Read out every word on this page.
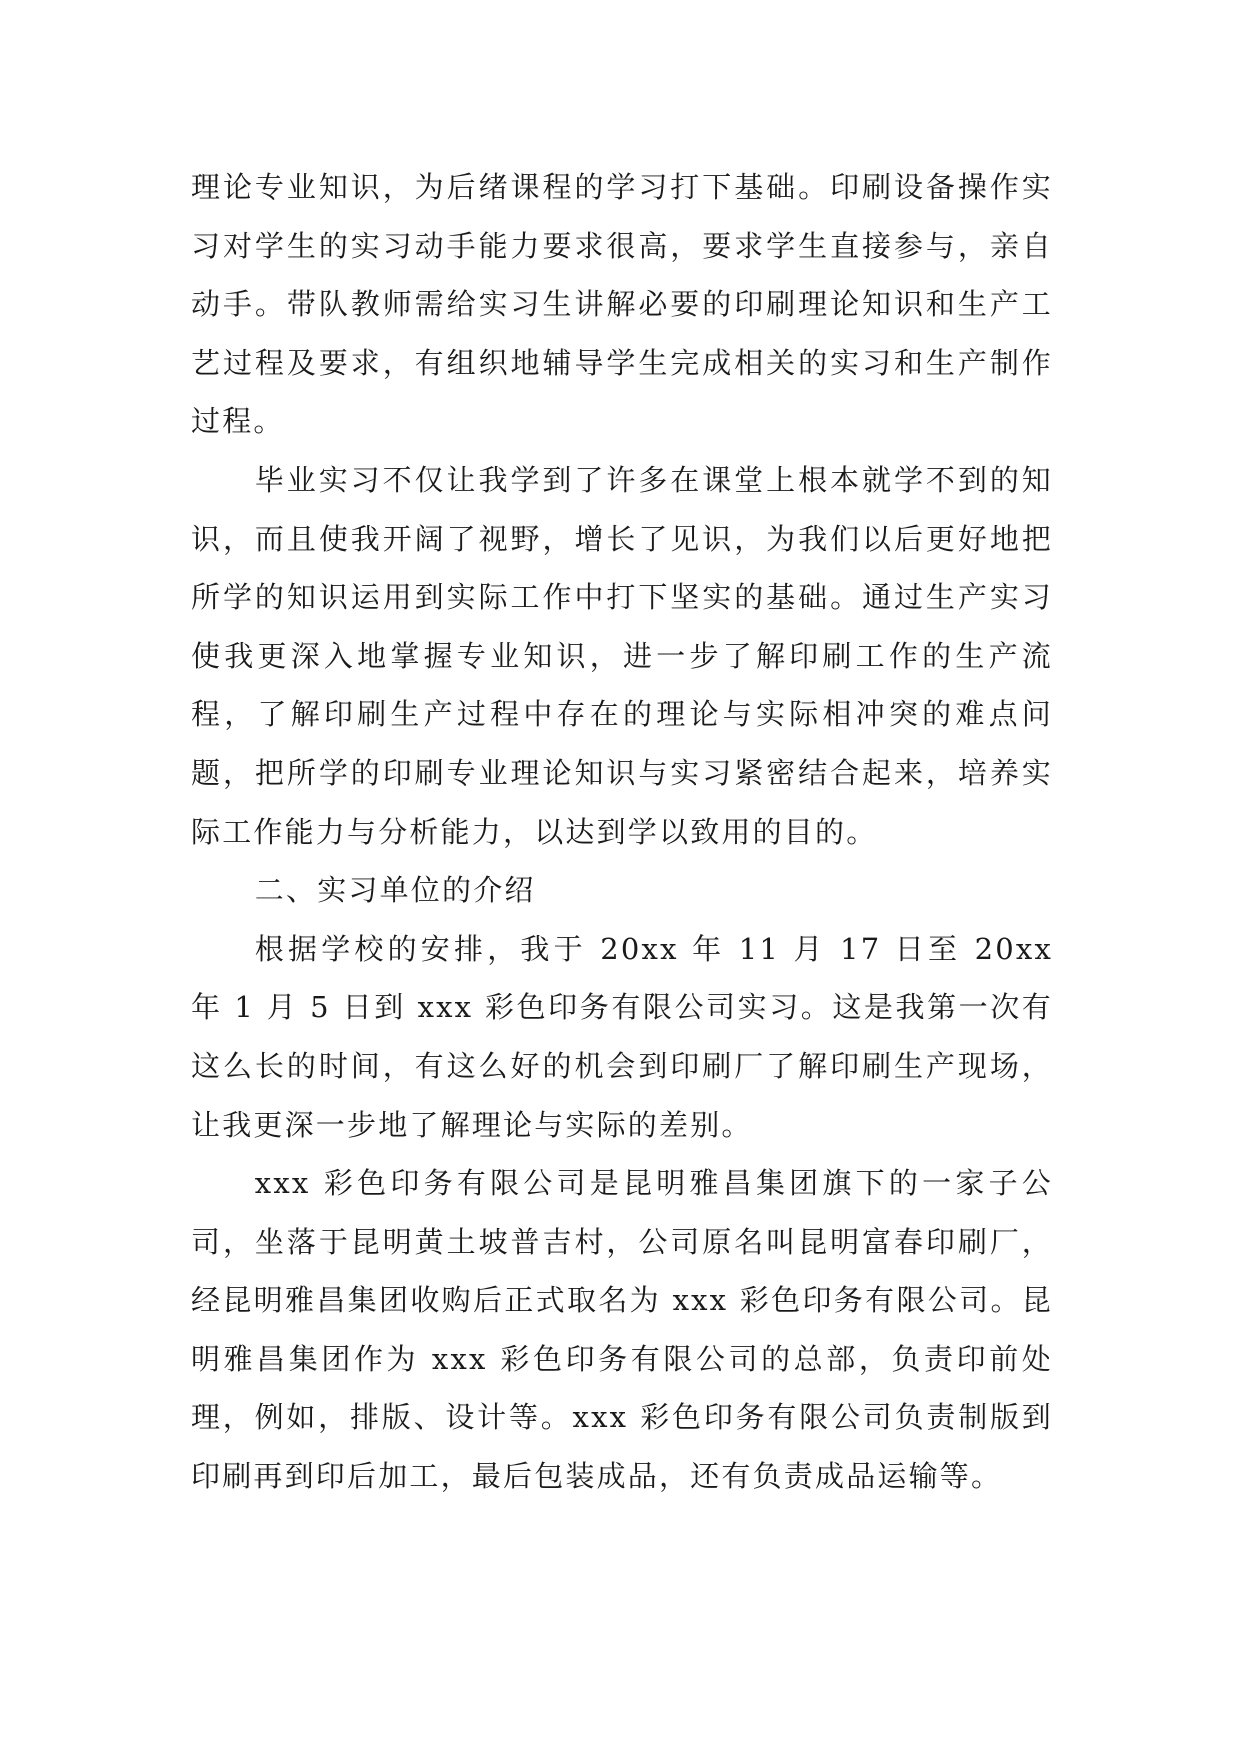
理论专业知识，为后绪课程的学习打下基础。印刷设备操作实习对学生的实习动手能力要求很高，要求学生直接参与，亲自动手。带队教师需给实习生讲解必要的印刷理论知识和生产工艺过程及要求，有组织地辅导学生完成相关的实习和生产制作过程。

毕业实习不仅让我学到了许多在课堂上根本就学不到的知识，而且使我开阔了视野，增长了见识，为我们以后更好地把所学的知识运用到实际工作中打下坚实的基础。通过生产实习使我更深入地掌握专业知识，进一步了解印刷工作的生产流程，了解印刷生产过程中存在的理论与实际相冲突的难点问题，把所学的印刷专业理论知识与实习紧密结合起来，培养实际工作能力与分析能力，以达到学以致用的目的。

二、实习单位的介绍

根据学校的安排，我于 20xx 年 11 月 17 日至 20xx 年 1 月 5 日到 xxx 彩色印务有限公司实习。这是我第一次有这么长的时间，有这么好的机会到印刷厂了解印刷生产现场，让我更深一步地了解理论与实际的差别。

xxx 彩色印务有限公司是昆明雅昌集团旗下的一家子公司，坐落于昆明黄土坡普吉村，公司原名叫昆明富春印刷厂，经昆明雅昌集团收购后正式取名为 xxx 彩色印务有限公司。昆明雅昌集团作为 xxx 彩色印务有限公司的总部，负责印前处理，例如，排版、设计等。xxx 彩色印务有限公司负责制版到印刷再到印后加工，最后包装成品，还有负责成品运输等。
